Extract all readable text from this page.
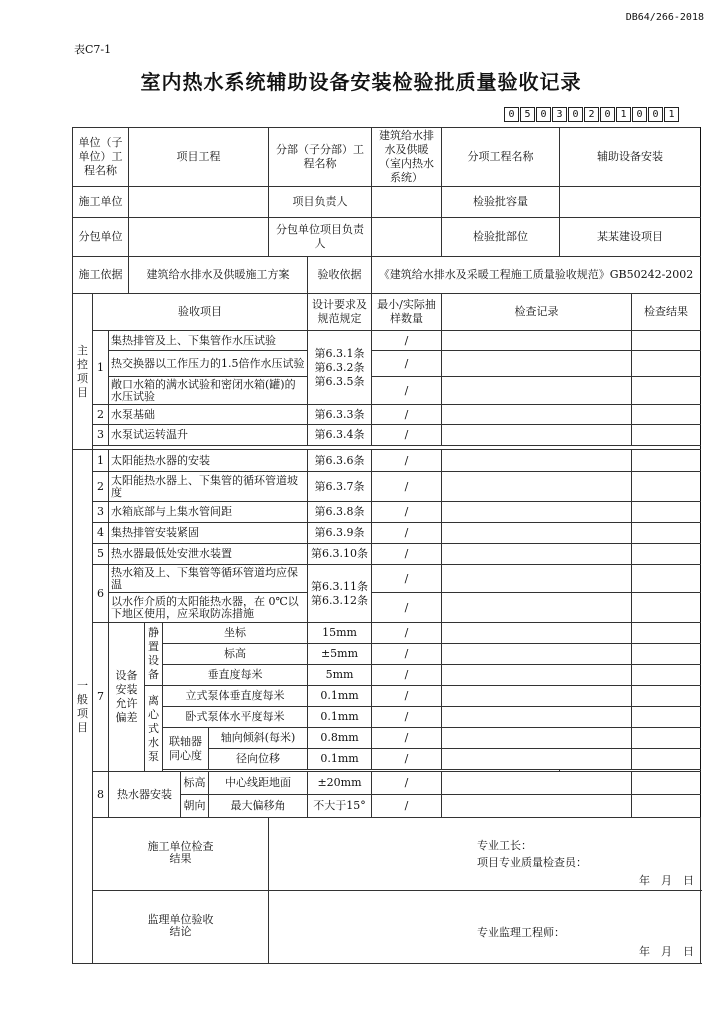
DB64/266-2018
表C7-1
室内热水系统辅助设备安装检验批质量验收记录
0 5 0 3 0 2 0 1 0 0 1
单位（子单位）工程名称			项目工程					分部（子分部）工程名称		建筑给水排水及供暖（室内热水系统）	分项工程名称	辅助设备安装	
施工单位								项目负责人			检验批容量		
分包单位								分包单位项目负责人			检验批部位	某某建设项目	
施工依据			建筑给水排水及供暖施工方案						验收依据	《建筑给水排水及采暖工程施工质量验收规范》GB50242-2002			
主控项目	验收项目								设计要求及规范规定	最小/实际抽样数量	检查记录		检查结果
	1	集热排管及上、下集管作水压试验							第6.3.1条 第6.3.2条 第6.3.5条	/			
		热交换器以工作压力的1.5倍作水压试验								/			
		敞口水箱的满水试验和密闭水箱(罐)的水压试验								/			
	2	水泵基础							第6.3.3条	/			
	3	水泵试运转温升							第6.3.4条	/			

一般项目	1	太阳能热水器的安装							第6.3.6条	/			
	2	太阳能热水器上、下集管的循环管道坡度							第6.3.7条	/			
	3	水箱底部与上集水管间距							第6.3.8条	/			
	4	集热排管安装紧固							第6.3.9条	/			
	5	热水器最低处安泄水装置							第6.3.10条	/			
	6	热水箱及上、下集管等循环管道均应保温							第6.3.11条 第6.3.12条	/			
		以水作介质的太阳能热水器，在 0℃以下地区使用，应采取防冻措施								/			
	7	设备安装允许偏差		静置设备	坐标				15mm	/			
					标高				±5mm	/			
					垂直度每米				5mm	/			
				离心式水泵	立式泵体垂直度每米				0.1mm	/			
					卧式泵体水平度每米				0.1mm	/			
					联轴器同心度		轴向倾斜(每米)		0.8mm	/			
							径向位移		0.1mm	/			

	8	热水器安装				标高	中心线距地面		±20mm	/			
						朝向	最大偏移角		不大于15°	/			

	施工单位检查结果							专业工长：
项目专业质量检查员：
年　月　日					

	监理单位验收结论							专业监理工程师：
年　月　日					
